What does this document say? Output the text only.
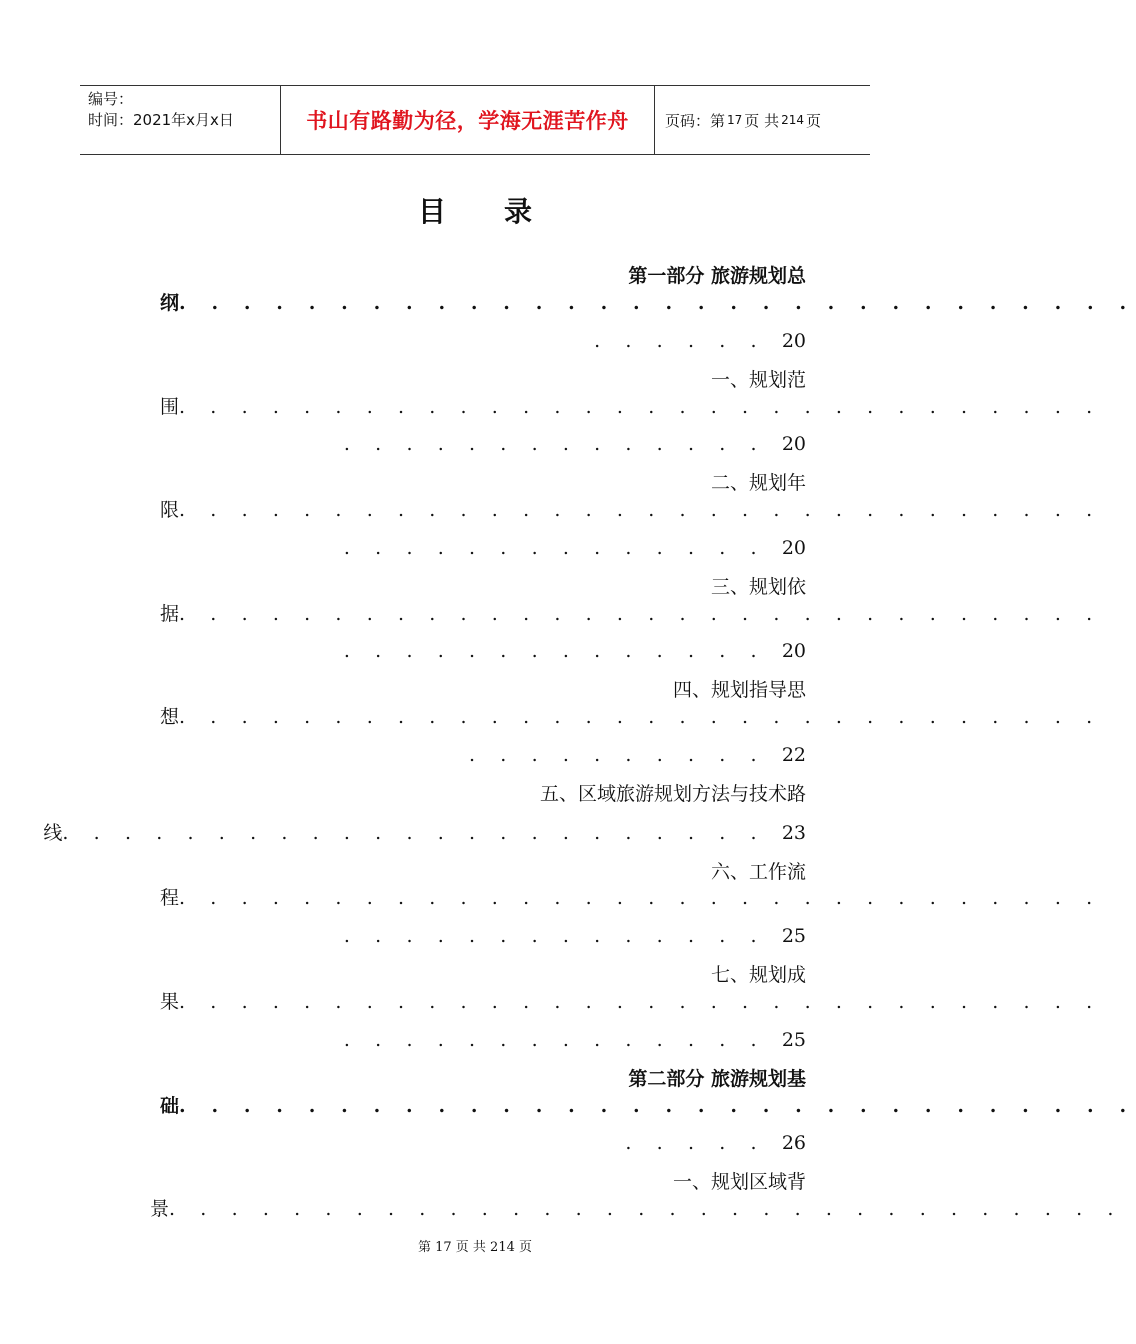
编号：
时间：2021年x月x日	书山有路勤为径，学海无涯苦作舟	页码：第 17 页 共 214 页
目录
第一部分 旅游规划总
纲. . . . . . . . . . . . . . . . . . . . . . . . . . . . . .
. . . . . . 20
一、规划范
围. . . . . . . . . . . . . . . . . . . . . . . . . . . . . .
. . . . . . . . . . . . . . 20
二、规划年
限. . . . . . . . . . . . . . . . . . . . . . . . . . . . . .
. . . . . . . . . . . . . . 20
三、规划依
据. . . . . . . . . . . . . . . . . . . . . . . . . . . . . .
. . . . . . . . . . . . . . 20
四、规划指导思
想. . . . . . . . . . . . . . . . . . . . . . . . . . . . . .
. . . . . . . . . . 22
五、区域旅游规划方法与技术路
线. . . . . . . . . . . . . . . . . . . . . . . 23
六、工作流
程. . . . . . . . . . . . . . . . . . . . . . . . . . . . . .
. . . . . . . . . . . . . . 25
七、规划成
果. . . . . . . . . . . . . . . . . . . . . . . . . . . . . .
. . . . . . . . . . . . . . 25
第二部分 旅游规划基
础. . . . . . . . . . . . . . . . . . . . . . . . . . . . . .
. . . . . 26
一、规划区域背
景. . . . . . . . . . . . . . . . . . . . . . . . . . . . . . .
第 17 页 共 214 页
